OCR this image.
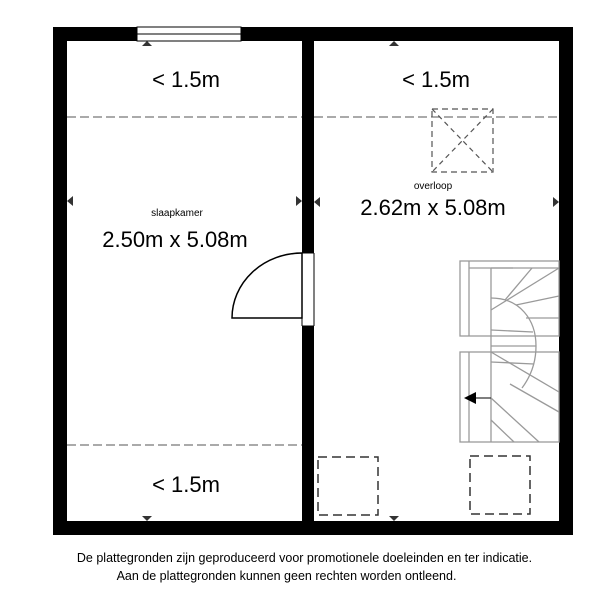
< 1.5m	< 1.5m
slaapkamer
2.50m x 5.08m
overloop
2.62m x 5.08m
< 1.5m
De plattegronden zijn geproduceerd voor promotionele doeleinden en ter indicatie.
Aan de plattegronden kunnen geen rechten worden ontleend.
